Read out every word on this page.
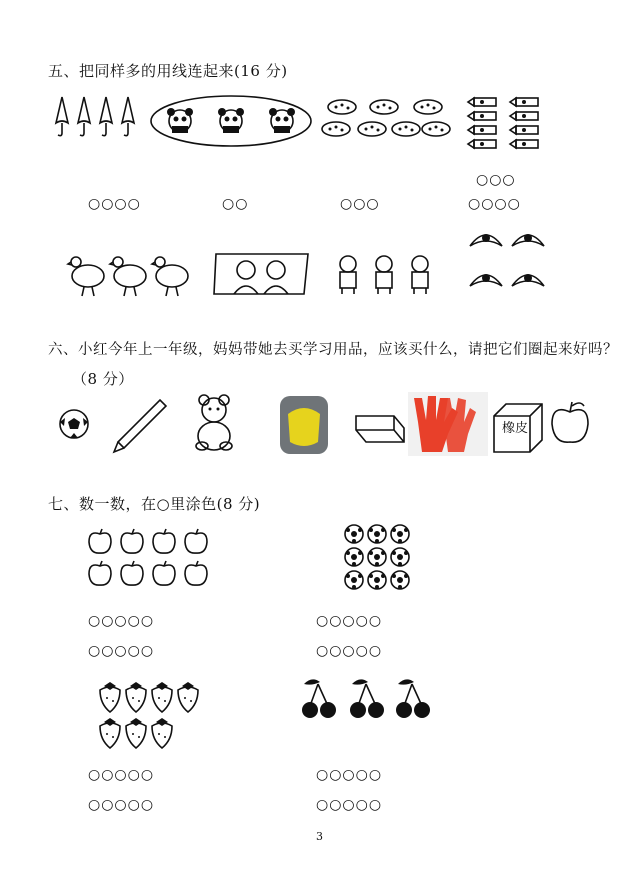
五、把同样多的用线连起来(16 分)
○○○
○○○○	○○	○○○	○○○○
六、小红今年上一年级，妈妈带她去买学习用品，应该买什么，请把它们圈起来好吗？
（8 分）
橡皮
七、数一数，在○里涂色(8 分)
○○○○○
○○○○○
○○○○○
○○○○○
○○○○○
○○○○○
○○○○○
○○○○○
3
